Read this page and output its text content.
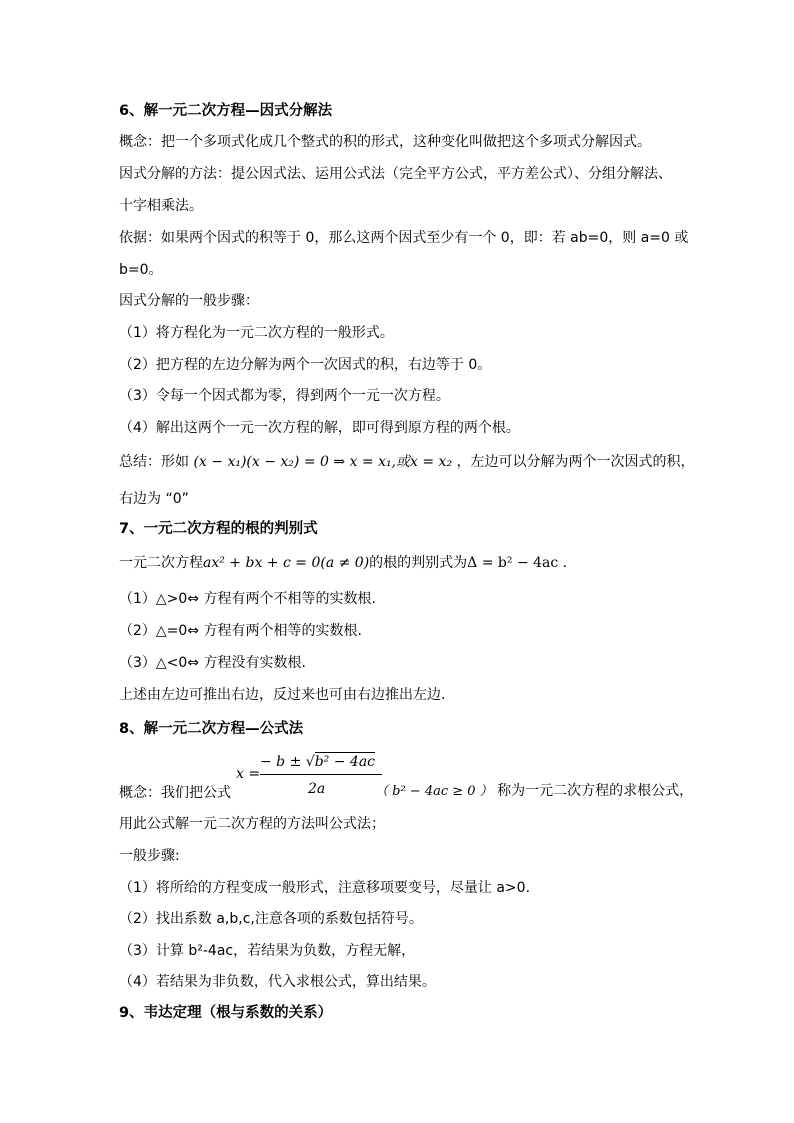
6、解一元二次方程—因式分解法
概念：把一个多项式化成几个整式的积的形式，这种变化叫做把这个多项式分解因式。
因式分解的方法：提公因式法、运用公式法（完全平方公式，平方差公式）、分组分解法、
十字相乘法。
依据：如果两个因式的积等于 0，那么这两个因式至少有一个 0，即：若 ab=0，则 a=0 或
b=0。
因式分解的一般步骤：
（1）将方程化为一元二次方程的一般形式。
（2）把方程的左边分解为两个一次因式的积，右边等于 0。
（3）令每一个因式都为零，得到两个一元一次方程。
（4）解出这两个一元一次方程的解，即可得到原方程的两个根。
总结：形如 (x − x₁)(x − x₂) = 0 ⇒ x = x₁,或x = x₂ ，左边可以分解为两个一次因式的积，
右边为 “0”
7、一元二次方程的根的判别式
一元二次方程ax² + bx + c = 0(a ≠ 0)的根的判别式为Δ = b² − 4ac .
（1）△>0⇔ 方程有两个不相等的实数根.
（2）△=0⇔ 方程有两个相等的实数根.
（3）△<0⇔ 方程没有实数根.
上述由左边可推出右边，反过来也可由右边推出左边.
8、解一元二次方程—公式法
x =
− b ± √b² − 4ac
2a
概念：我们把公式	（ b² − 4ac ≥ 0 ） 称为一元二次方程的求根公式，
用此公式解一元二次方程的方法叫公式法；
一般步骤:
（1）将所给的方程变成一般形式，注意移项要变号，尽量让 a>0.
（2）找出系数 a,b,c,注意各项的系数包括符号。
（3）计算 b²-4ac，若结果为负数，方程无解，
（4）若结果为非负数，代入求根公式，算出结果。
9、韦达定理（根与系数的关系）
